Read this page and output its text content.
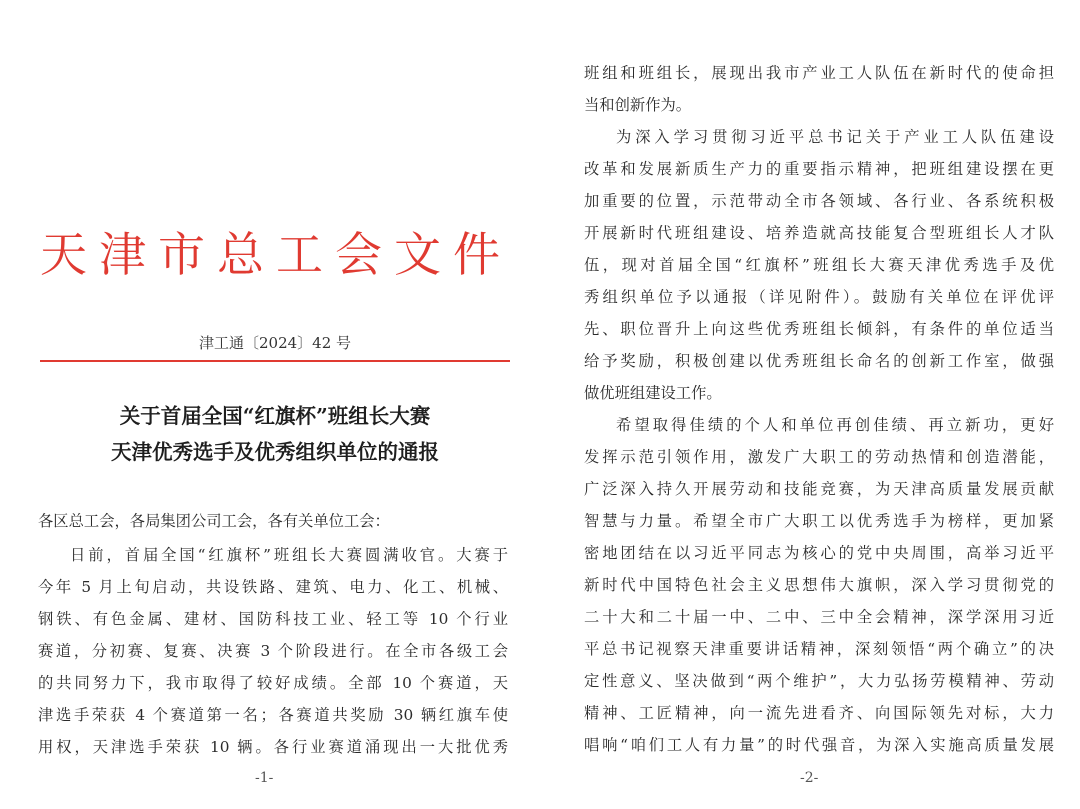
天津市总工会文件
津工通〔2024〕42 号
关于首届全国“红旗杯”班组长大赛
天津优秀选手及优秀组织单位的通报
各区总工会，各局集团公司工会，各有关单位工会：
日前，首届全国“红旗杯”班组长大赛圆满收官。大赛于
今年 5 月上旬启动，共设铁路、建筑、电力、化工、机械、
钢铁、有色金属、建材、国防科技工业、轻工等 10 个行业
赛道，分初赛、复赛、决赛 3 个阶段进行。在全市各级工会
的共同努力下，我市取得了较好成绩。全部 10 个赛道，天
津选手荣获 4 个赛道第一名；各赛道共奖励 30 辆红旗车使
用权，天津选手荣获 10 辆。各行业赛道涌现出一大批优秀
-1-
班组和班组长，展现出我市产业工人队伍在新时代的使命担
当和创新作为。
为深入学习贯彻习近平总书记关于产业工人队伍建设
改革和发展新质生产力的重要指示精神，把班组建设摆在更
加重要的位置，示范带动全市各领域、各行业、各系统积极
开展新时代班组建设、培养造就高技能复合型班组长人才队
伍，现对首届全国“红旗杯”班组长大赛天津优秀选手及优
秀组织单位予以通报（详见附件）。鼓励有关单位在评优评
先、职位晋升上向这些优秀班组长倾斜，有条件的单位适当
给予奖励，积极创建以优秀班组长命名的创新工作室，做强
做优班组建设工作。
希望取得佳绩的个人和单位再创佳绩、再立新功，更好
发挥示范引领作用，激发广大职工的劳动热情和创造潜能，
广泛深入持久开展劳动和技能竞赛，为天津高质量发展贡献
智慧与力量。希望全市广大职工以优秀选手为榜样，更加紧
密地团结在以习近平同志为核心的党中央周围，高举习近平
新时代中国特色社会主义思想伟大旗帜，深入学习贯彻党的
二十大和二十届一中、二中、三中全会精神，深学深用习近
平总书记视察天津重要讲话精神，深刻领悟“两个确立”的决
定性意义、坚决做到“两个维护”，大力弘扬劳模精神、劳动
精神、工匠精神，向一流先进看齐、向国际领先对标，大力
唱响“咱们工人有力量”的时代强音，为深入实施高质量发展
-2-
